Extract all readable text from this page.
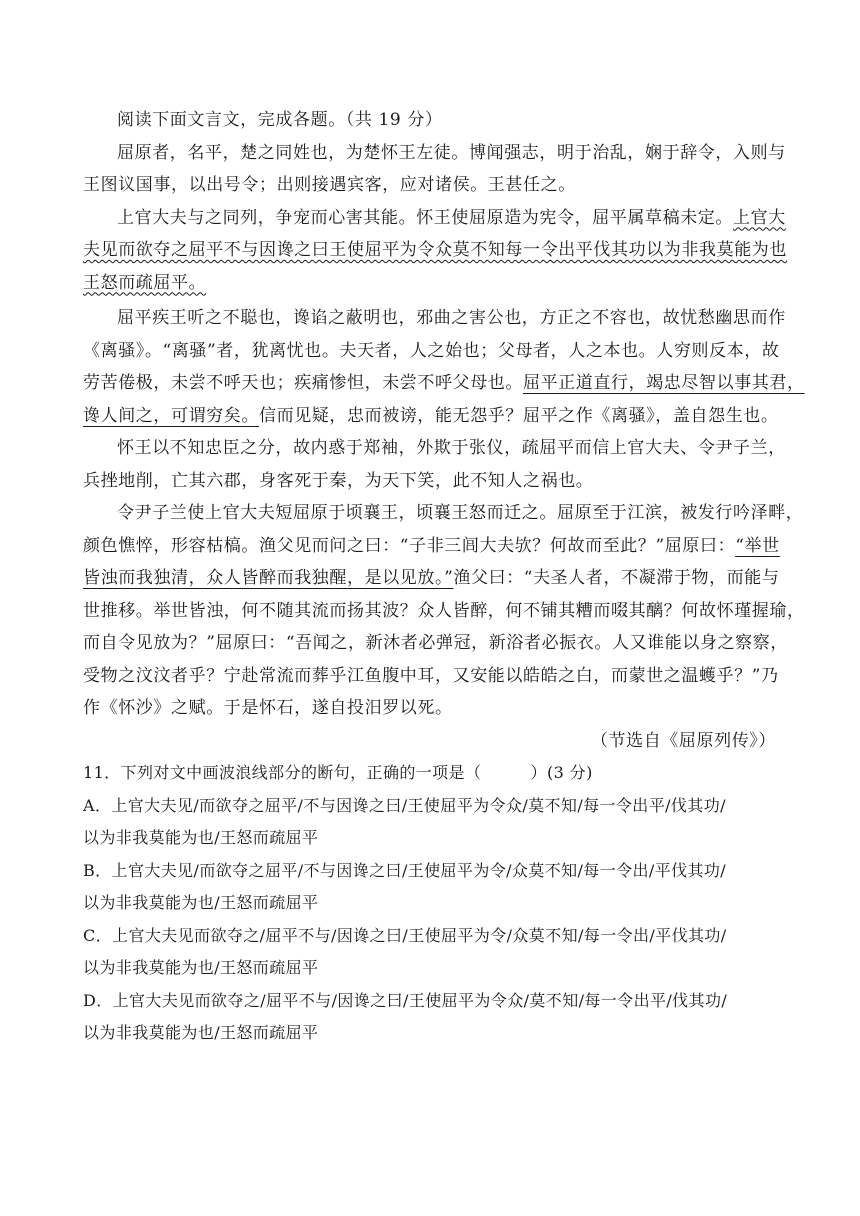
阅读下面文言文，完成各题。（共 19 分）
屈原者，名平，楚之同姓也，为楚怀王左徒。博闻强志，明于治乱，娴于辞令，入则与
王图议国事，以出号令；出则接遇宾客，应对诸侯。王甚任之。
上官大夫与之同列，争宠而心害其能。怀王使屈原造为宪令，屈平属草稿未定。上官大
夫见而欲夺之屈平不与因谗之曰王使屈平为令众莫不知每一令出平伐其功以为非我莫能为也
王怒而疏屈平。
屈平疾王听之不聪也，谗谄之蔽明也，邪曲之害公也，方正之不容也，故忧愁幽思而作
《离骚》。“离骚”者，犹离忧也。夫天者，人之始也；父母者，人之本也。人穷则反本，故
劳苦倦极，未尝不呼天也；疾痛惨怛，未尝不呼父母也。屈平正道直行，竭忠尽智以事其君，
谗人间之，可谓穷矣。信而见疑，忠而被谤，能无怨乎？屈平之作《离骚》，盖自怨生也。
怀王以不知忠臣之分，故内惑于郑袖，外欺于张仪，疏屈平而信上官大夫、令尹子兰，
兵挫地削，亡其六郡，身客死于秦，为天下笑，此不知人之祸也。
令尹子兰使上官大夫短屈原于顷襄王，顷襄王怒而迁之。屈原至于江滨，被发行吟泽畔，
颜色憔悴，形容枯槁。渔父见而问之曰：“子非三闾大夫欤？何故而至此？”屈原曰：“举世
皆浊而我独清，众人皆醉而我独醒，是以见放。”渔父曰：“夫圣人者，不凝滞于物，而能与
世推移。举世皆浊，何不随其流而扬其波？众人皆醉，何不铺其糟而啜其醨？何故怀瑾握瑜，
而自令见放为？”屈原曰：“吾闻之，新沐者必弹冠，新浴者必振衣。人又谁能以身之察察，
受物之汶汶者乎？宁赴常流而葬乎江鱼腹中耳，又安能以皓皓之白，而蒙世之温蠖乎？”乃
作《怀沙》之赋。于是怀石，遂自投汨罗以死。
（节选自《屈原列传》）
11．下列对文中画波浪线部分的断句，正确的一项是（　　　）(3 分)
A．上官大夫见/而欲夺之屈平/不与因谗之曰/王使屈平为令众/莫不知/每一令出平/伐其功/
以为非我莫能为也/王怒而疏屈平
B．上官大夫见/而欲夺之屈平/不与因谗之曰/王使屈平为令/众莫不知/每一令出/平伐其功/
以为非我莫能为也/王怒而疏屈平
C．上官大夫见而欲夺之/屈平不与/因谗之曰/王使屈平为令/众莫不知/每一令出/平伐其功/
以为非我莫能为也/王怒而疏屈平
D．上官大夫见而欲夺之/屈平不与/因谗之曰/王使屈平为令众/莫不知/每一令出平/伐其功/
以为非我莫能为也/王怒而疏屈平
